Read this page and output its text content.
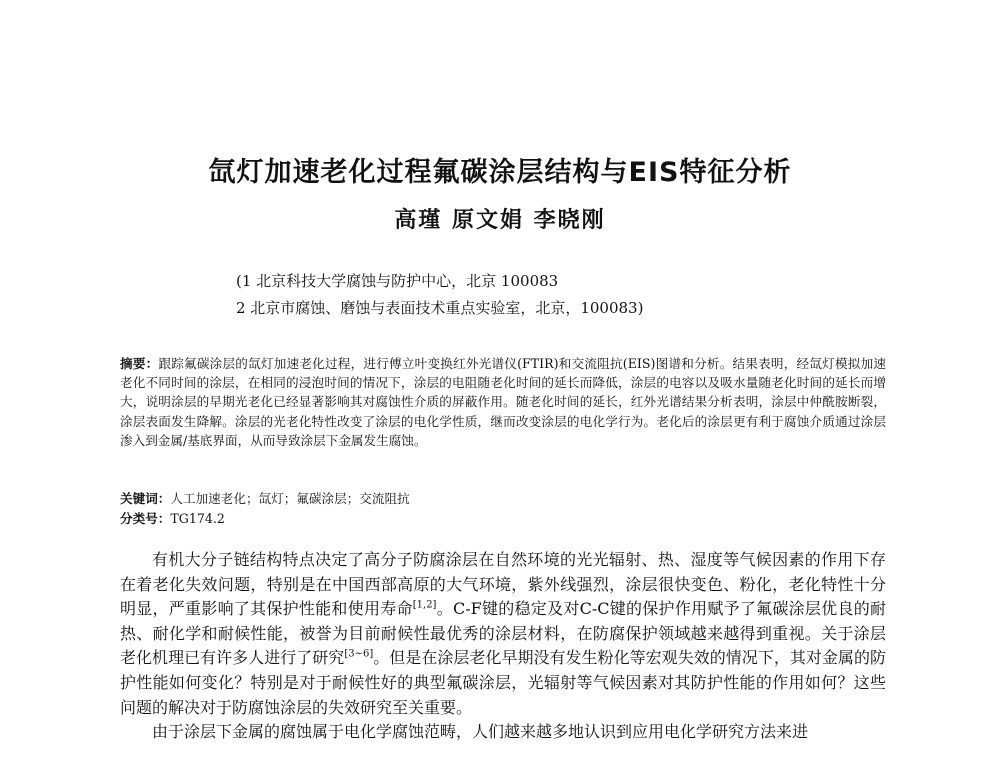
氙灯加速老化过程氟碳涂层结构与EIS特征分析
高瑾 原文娟 李晓刚
(1 北京科技大学腐蚀与防护中心，北京 100083
2 北京市腐蚀、磨蚀与表面技术重点实验室，北京，100083)
摘要：跟踪氟碳涂层的氙灯加速老化过程，进行傅立叶变换红外光谱仪(FTIR)和交流阻抗(EIS)图谱和分析。结果表明，经氙灯模拟加速老化不同时间的涂层，在相同的浸泡时间的情况下，涂层的电阻随老化时间的延长而降低，涂层的电容以及吸水量随老化时间的延长而增大，说明涂层的早期光老化已经显著影响其对腐蚀性介质的屏蔽作用。随老化时间的延长，红外光谱结果分析表明，涂层中仲酰胺断裂，涂层表面发生降解。涂层的光老化特性改变了涂层的电化学性质，继而改变涂层的电化学行为。老化后的涂层更有利于腐蚀介质通过涂层渗入到金属/基底界面，从而导致涂层下金属发生腐蚀。
关键词：人工加速老化；氙灯；氟碳涂层；交流阻抗
分类号：TG174.2

有机大分子链结构特点决定了高分子防腐涂层在自然环境的光光辐射、热、湿度等气候因素的作用下存在着老化失效问题，特别是在中国西部高原的大气环境，紫外线强烈，涂层很快变色、粉化，老化特性十分明显，严重影响了其保护性能和使用寿命[1,2]。C-F键的稳定及对C-C键的保护作用赋予了氟碳涂层优良的耐热、耐化学和耐候性能，被誉为目前耐候性最优秀的涂层材料，在防腐保护领域越来越得到重视。关于涂层老化机理已有许多人进行了研究[3~6]。但是在涂层老化早期没有发生粉化等宏观失效的情况下，其对金属的防护性能如何变化？特别是对于耐候性好的典型氟碳涂层，光辐射等气候因素对其防护性能的作用如何？这些问题的解决对于防腐蚀涂层的失效研究至关重要。

由于涂层下金属的腐蚀属于电化学腐蚀范畴，人们越来越多地认识到应用电化学研究方法来进
